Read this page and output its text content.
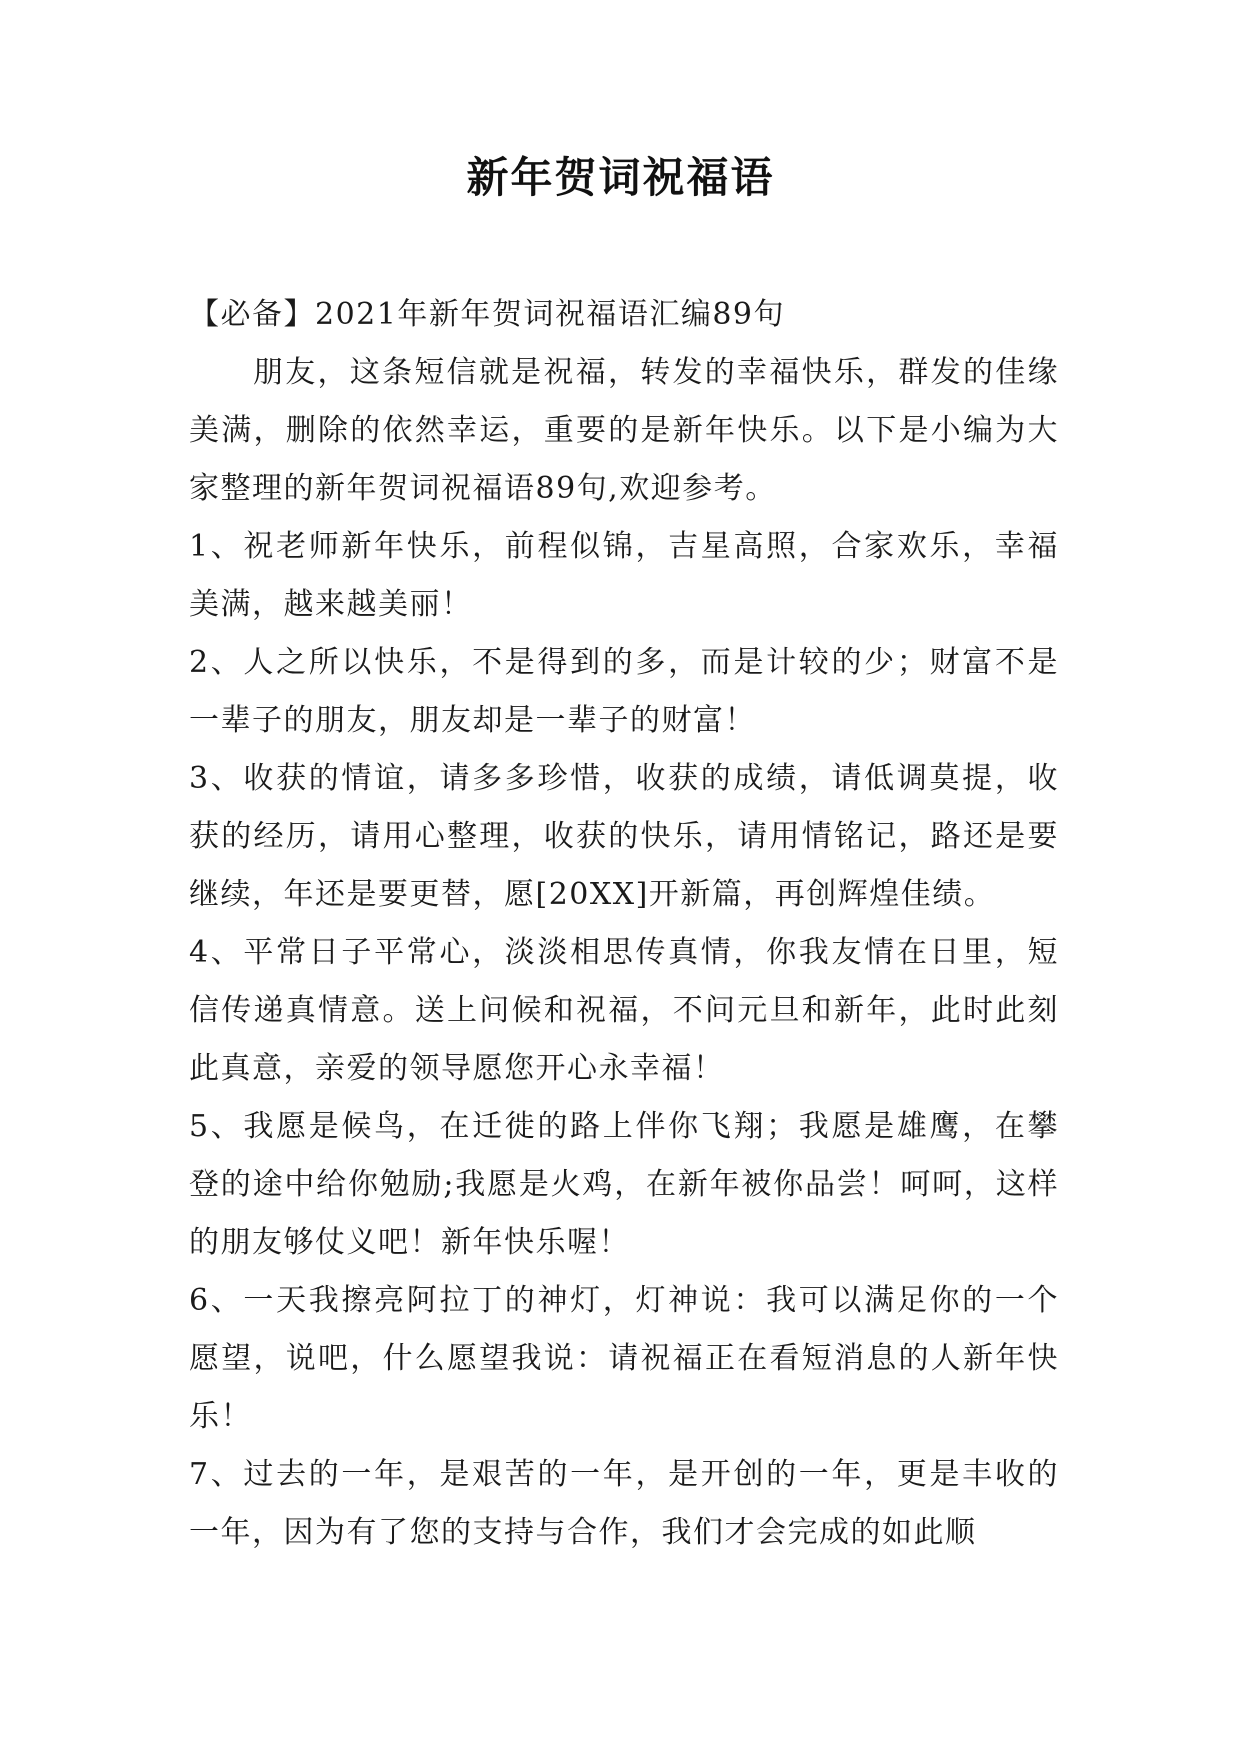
新年贺词祝福语

【必备】2021年新年贺词祝福语汇编89句

朋友，这条短信就是祝福，转发的幸福快乐，群发的佳缘美满，删除的依然幸运，重要的是新年快乐。以下是小编为大家整理的新年贺词祝福语89句,欢迎参考。

1、祝老师新年快乐，前程似锦，吉星高照，合家欢乐，幸福美满，越来越美丽！

2、人之所以快乐，不是得到的多，而是计较的少；财富不是一辈子的朋友，朋友却是一辈子的财富！

3、收获的情谊，请多多珍惜，收获的成绩，请低调莫提，收获的经历，请用心整理，收获的快乐，请用情铭记，路还是要继续，年还是要更替，愿[20XX]开新篇，再创辉煌佳绩。

4、平常日子平常心，淡淡相思传真情，你我友情在日里，短信传递真情意。送上问候和祝福，不问元旦和新年，此时此刻此真意，亲爱的领导愿您开心永幸福！

5、我愿是候鸟，在迁徙的路上伴你飞翔；我愿是雄鹰，在攀登的途中给你勉励;我愿是火鸡，在新年被你品尝！呵呵，这样的朋友够仗义吧！新年快乐喔！

6、一天我擦亮阿拉丁的神灯，灯神说：我可以满足你的一个愿望，说吧，什么愿望我说：请祝福正在看短消息的人新年快乐！

7、过去的一年，是艰苦的一年，是开创的一年，更是丰收的一年，因为有了您的支持与合作，我们才会完成的如此顺
